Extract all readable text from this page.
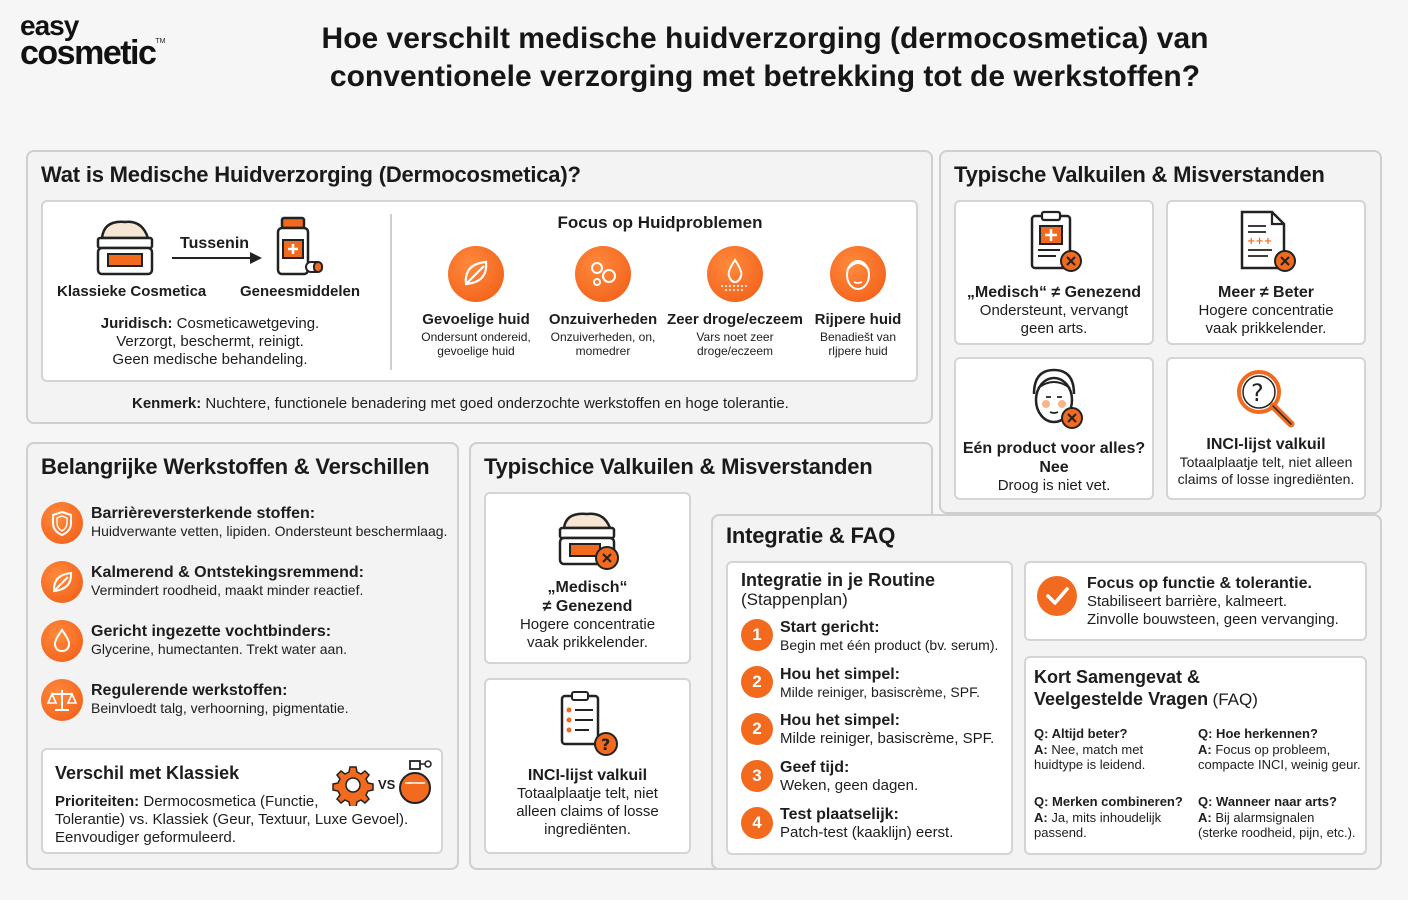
easy
cosmetic™	Hoe verschilt medische huidverzorging (dermocosmetica) van
conventionele verzorging met betrekking tot de werkstoffen?
Wat is Medische Huidverzorging (Dermocosmetica)?
Tussenin
Klassieke Cosmetica Geneesmiddelen
Juridisch: Cosmeticawetgeving.
Verzorgt, beschermt, reinigt.
Geen medische behandeling.
Focus op Huidproblemen
Gevoelige huid
Ondersunt ondereid,
gevoelige huid
Onzuiverheden
Onzuiverheden, on,
momedrer
Zeer droge/eczeem
Vars noet zeer
droge/eczeem
Rijpere huid
Benadiešt van
rljpere huid
Kenmerk: Nuchtere, functionele benadering met goed onderzochte werkstoffen en hoge tolerantie.
Typische Valkuilen & Misverstanden
„Medisch“ ≠ Genezend
Ondersteunt, vervangt
geen arts.
+++
Meer ≠ Beter
Hogere concentratie
vaak prikkelender.
Eén product voor alles?
Nee
Droog is niet vet.
?
INCI-lijst valkuil
Totaalplaatje telt, niet alleen
claims of losse ingrediënten.
Belangrijke Werkstoffen & Verschillen
Barrièreversterkende stoffen:
Huidverwante vetten, lipiden. Ondersteunt beschermlaag.
Kalmerend & Ontstekingsremmend:
Vermindert roodheid, maakt minder reactief.
Gericht ingezette vochtbinders:
Glycerine, humectanten. Trekt water aan.
Regulerende werkstoffen:
Beinvloedt talg, verhoorning, pigmentatie.
Verschil met Klassiek
VS
Prioriteiten: Dermocosmetica (Functie,
Tolerantie) vs. Klassiek (Geur, Textuur, Luxe Gevoel).
Eenvoudiger geformuleerd.
Typischice Valkuilen & Misverstanden
„Medisch“
≠ Genezend
Hogere concentratie
vaak prikkelender.
?
INCI-lijst valkuil
Totaalplaatje telt, niet
alleen claims of losse
ingrediënten.
Integratie & FAQ
Integratie in je Routine
(Stappenplan)
1	Start gericht:
Begin met één product (bv. serum).
2	Hou het simpel:
Milde reiniger, basiscrème, SPF.
2	Hou het simpel:
Milde reiniger, basiscrème, SPF.
3	Geef tijd:
Weken, geen dagen.
4	Test plaatselijk:
Patch-test (kaaklijn) eerst.
Focus op functie & tolerantie.
Stabiliseert barrière, kalmeert.
Zinvolle bouwsteen, geen vervanging.
Kort Samengevat &
Veelgestelde Vragen (FAQ)
Q: Altijd beter?
A: Nee, match met
huidtype is leidend.
Q: Hoe herkennen?
A: Focus op probleem,
compacte INCI, weinig geur.
Q: Merken combineren?
A: Ja, mits inhoudelijk
passend.
Q: Wanneer naar arts?
A: Bij alarmsignalen
(sterke roodheid, pijn, etc.).
